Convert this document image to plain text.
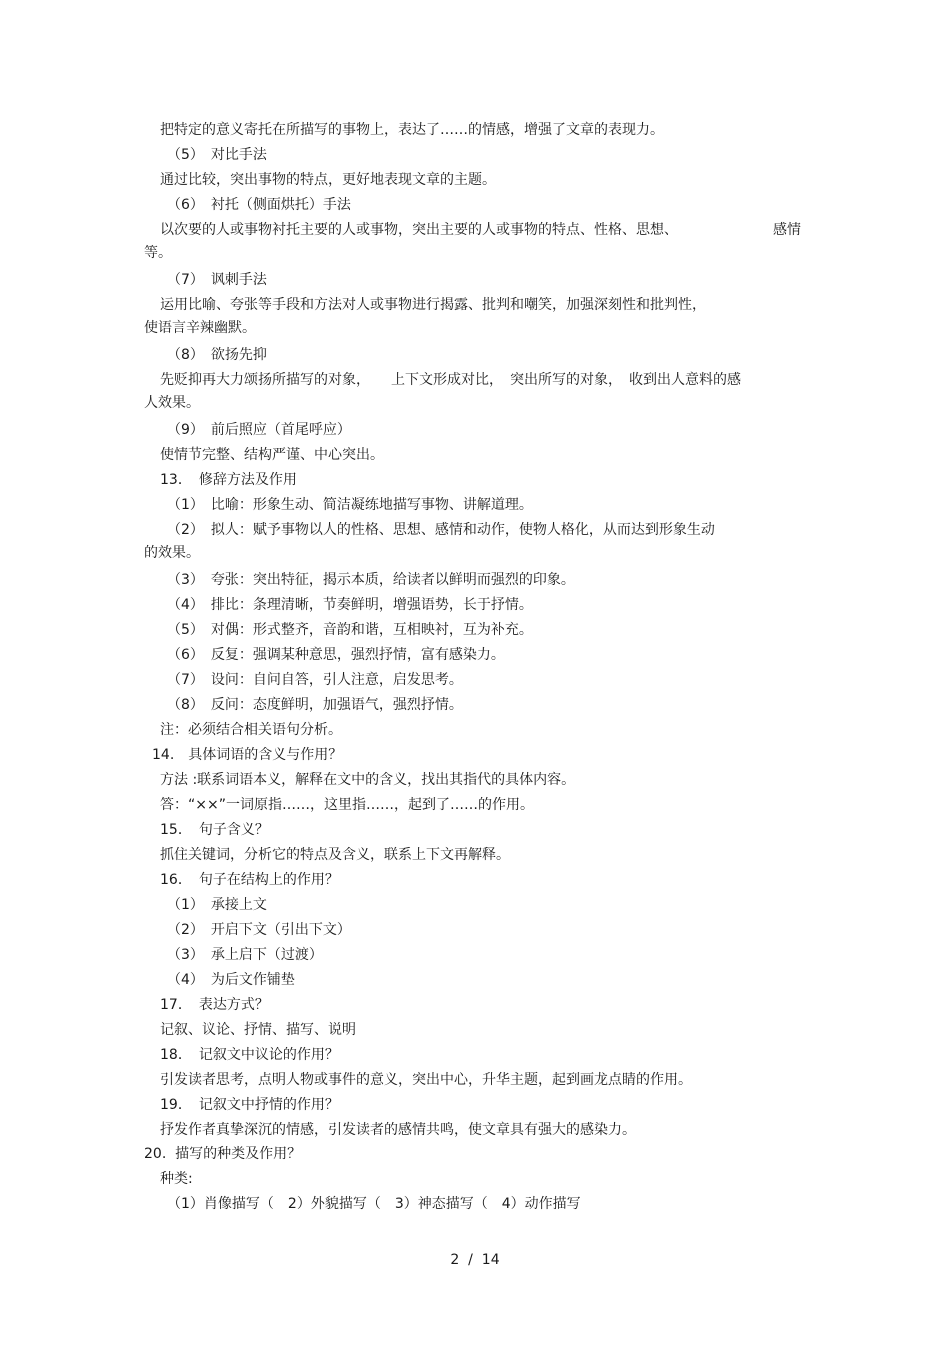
把特定的意义寄托在所描写的事物上，表达了……的情感，增强了文章的表现力。
（5）　对比手法
通过比较，突出事物的特点，更好地表现文章的主题。
（6）　衬托（侧面烘托）手法
以次要的人或事物衬托主要的人或事物，突出主要的人或事物的特点、性格、思想、	感情
等。
（7）　讽刺手法
运用比喻、夸张等手段和方法对人或事物进行揭露、批判和嘲笑，加强深刻性和批判性，
使语言辛辣幽默。
（8）　欲扬先抑
先贬抑再大力颂扬所描写的对象，　　上下文形成对比，　突出所写的对象，　收到出人意料的感
人效果。
（9）　前后照应（首尾呼应）
使情节完整、结构严谨、中心突出。
13．　修辞方法及作用
（1）　比喻：形象生动、简洁凝练地描写事物、讲解道理。
（2）　拟人：赋予事物以人的性格、思想、感情和动作，使物人格化，从而达到形象生动
的效果。
（3）　夸张：突出特征，揭示本质，给读者以鲜明而强烈的印象。
（4）　排比：条理清晰，节奏鲜明，增强语势，长于抒情。
（5）　对偶：形式整齐，音韵和谐，互相映衬，互为补充。
（6）　反复：强调某种意思，强烈抒情，富有感染力。
（7）　设问：自问自答，引人注意，启发思考。
（8）　反问：态度鲜明，加强语气，强烈抒情。
注：必须结合相关语句分析。
14.　具体词语的含义与作用？
方法 :联系词语本义，解释在文中的含义，找出其指代的具体内容。
答：“××”一词原指……，这里指……，起到了……的作用。
15．　句子含义？
抓住关键词，分析它的特点及含义，联系上下文再解释。
16．　句子在结构上的作用？
（1）　承接上文
（2）　开启下文（引出下文）
（3）　承上启下（过渡）
（4）　为后文作铺垫
17．　表达方式？
记叙、议论、抒情、描写、说明
18．　记叙文中议论的作用？
引发读者思考，点明人物或事件的意义，突出中心，升华主题，起到画龙点睛的作用。
19．　记叙文中抒情的作用？
抒发作者真挚深沉的情感，引发读者的感情共鸣，使文章具有强大的感染力。
20.  描写的种类及作用？
种类:
（1）肖像描写（　2）外貌描写（　3）神态描写（　4）动作描写
2  /  14
